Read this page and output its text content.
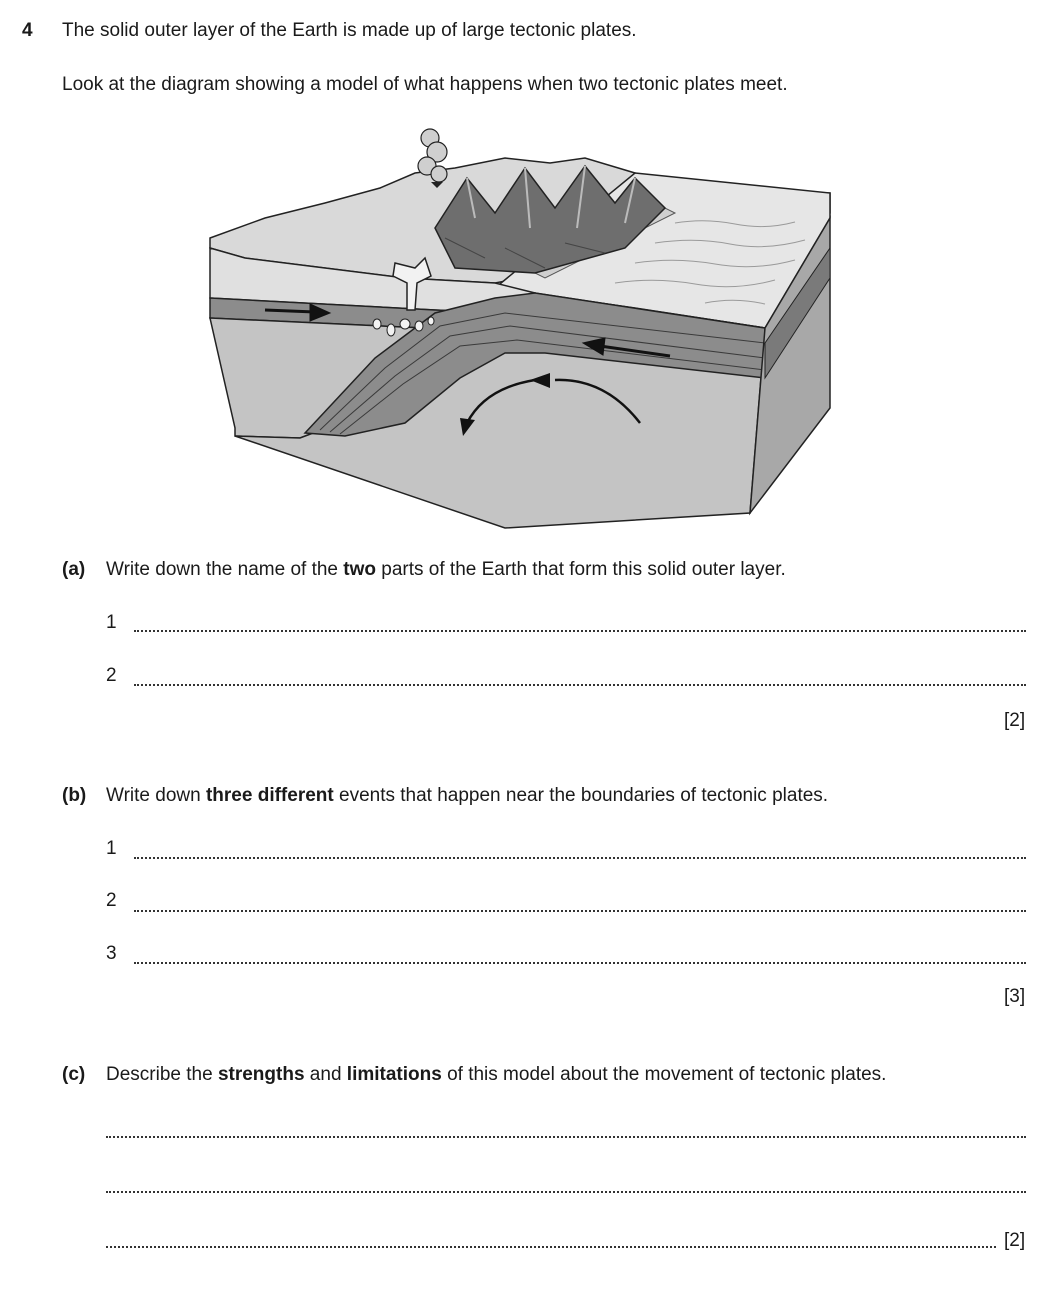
4 The solid outer layer of the Earth is made up of large tectonic plates.
Look at the diagram showing a model of what happens when two tectonic plates meet.
(a) Write down the name of the two parts of the Earth that form this solid outer layer.
1
2
[2]
(b) Write down three different events that happen near the boundaries of tectonic plates.
1
2
3
[3]
(c) Describe the strengths and limitations of this model about the movement of tectonic plates.
[2]
